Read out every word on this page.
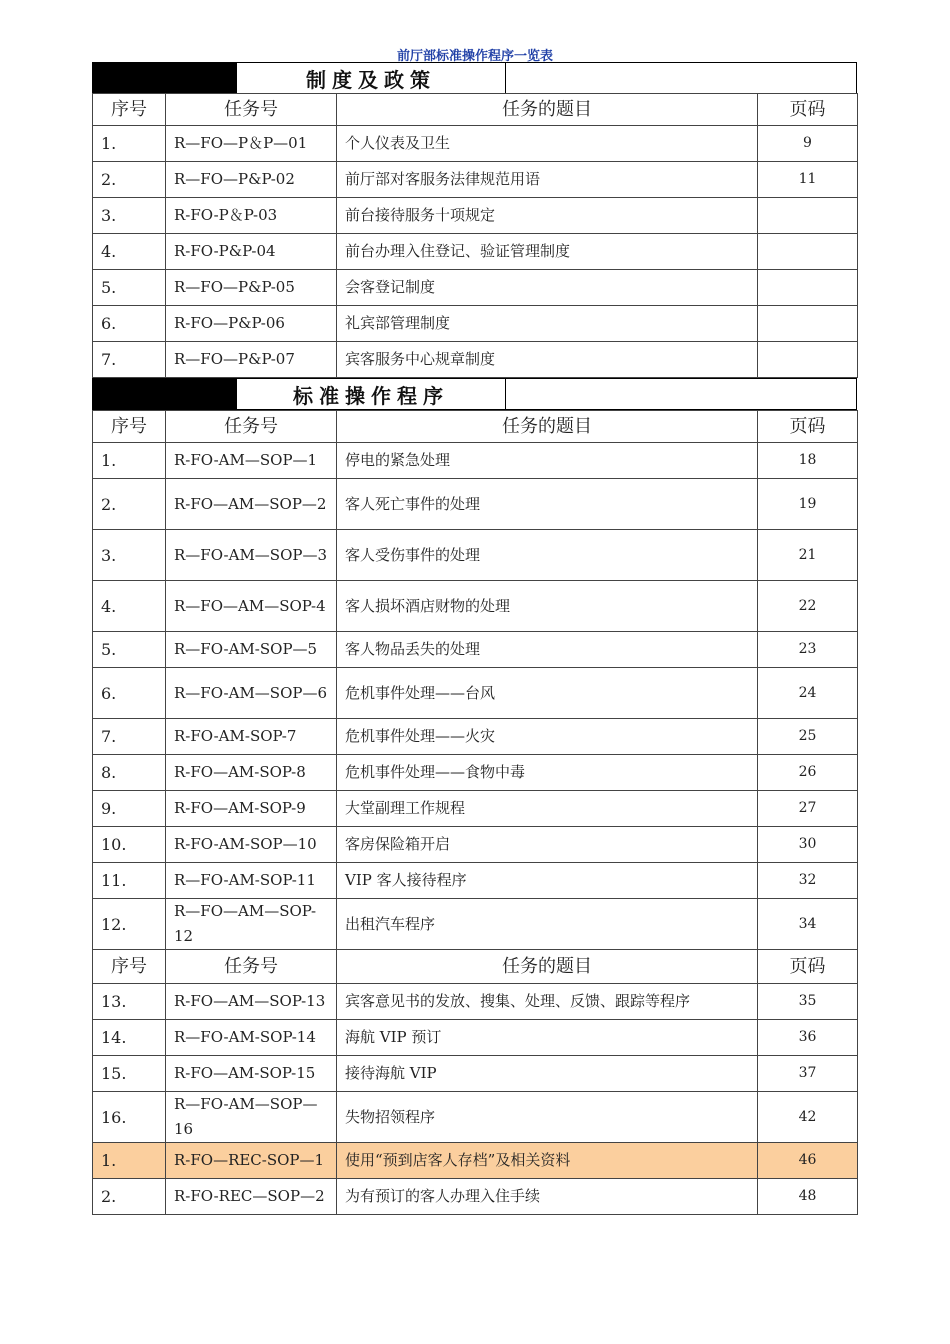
前厅部标准操作程序一览表
制度及政策
序号	任务号	任务的题目	页码
1.	R—FO—P＆P—01	个人仪表及卫生	9
2.	R—FO—P&P-02	前厅部对客服务法律规范用语	11
3.	R-FO-P＆P-03	前台接待服务十项规定	
4.	R-FO-P&P-04	前台办理入住登记、验证管理制度	
5.	R—FO—P&P-05	会客登记制度	
6.	R-FO—P&P-06	礼宾部管理制度	
7.	R—FO—P&P-07	宾客服务中心规章制度	
标准操作程序
序号	任务号	任务的题目	页码
1.	R-FO-AM—SOP—1	停电的紧急处理	18
2.	R-FO—AM—SOP—2	客人死亡事件的处理	19
3.	R—FO-AM—SOP—3	客人受伤事件的处理	21
4.	R—FO—AM—SOP-4	客人损坏酒店财物的处理	22
5.	R—FO-AM-SOP—5	客人物品丢失的处理	23
6.	R—FO-AM—SOP—6	危机事件处理——台风	24
7.	R-FO-AM-SOP-7	危机事件处理——火灾	25
8.	R-FO—AM-SOP-8	危机事件处理——食物中毒	26
9.	R-FO—AM-SOP-9	大堂副理工作规程	27
10.	R-FO-AM-SOP—10	客房保险箱开启	30
11.	R—FO-AM-SOP-11	VIP 客人接待程序	32
12.	R—FO—AM—SOP-12	出租汽车程序	34
序号	任务号	任务的题目	页码
13.	R-FO—AM—SOP-13	宾客意见书的发放、搜集、处理、反馈、跟踪等程序	35
14.	R—FO-AM-SOP-14	海航 VIP 预订	36
15.	R-FO—AM-SOP-15	接待海航 VIP	37
16.	R—FO-AM—SOP—16	失物招领程序	42
1.	R-FO—REC-SOP—1	使用“预到店客人存档”及相关资料	46
2.	R-FO-REC—SOP—2	为有预订的客人办理入住手续	48
